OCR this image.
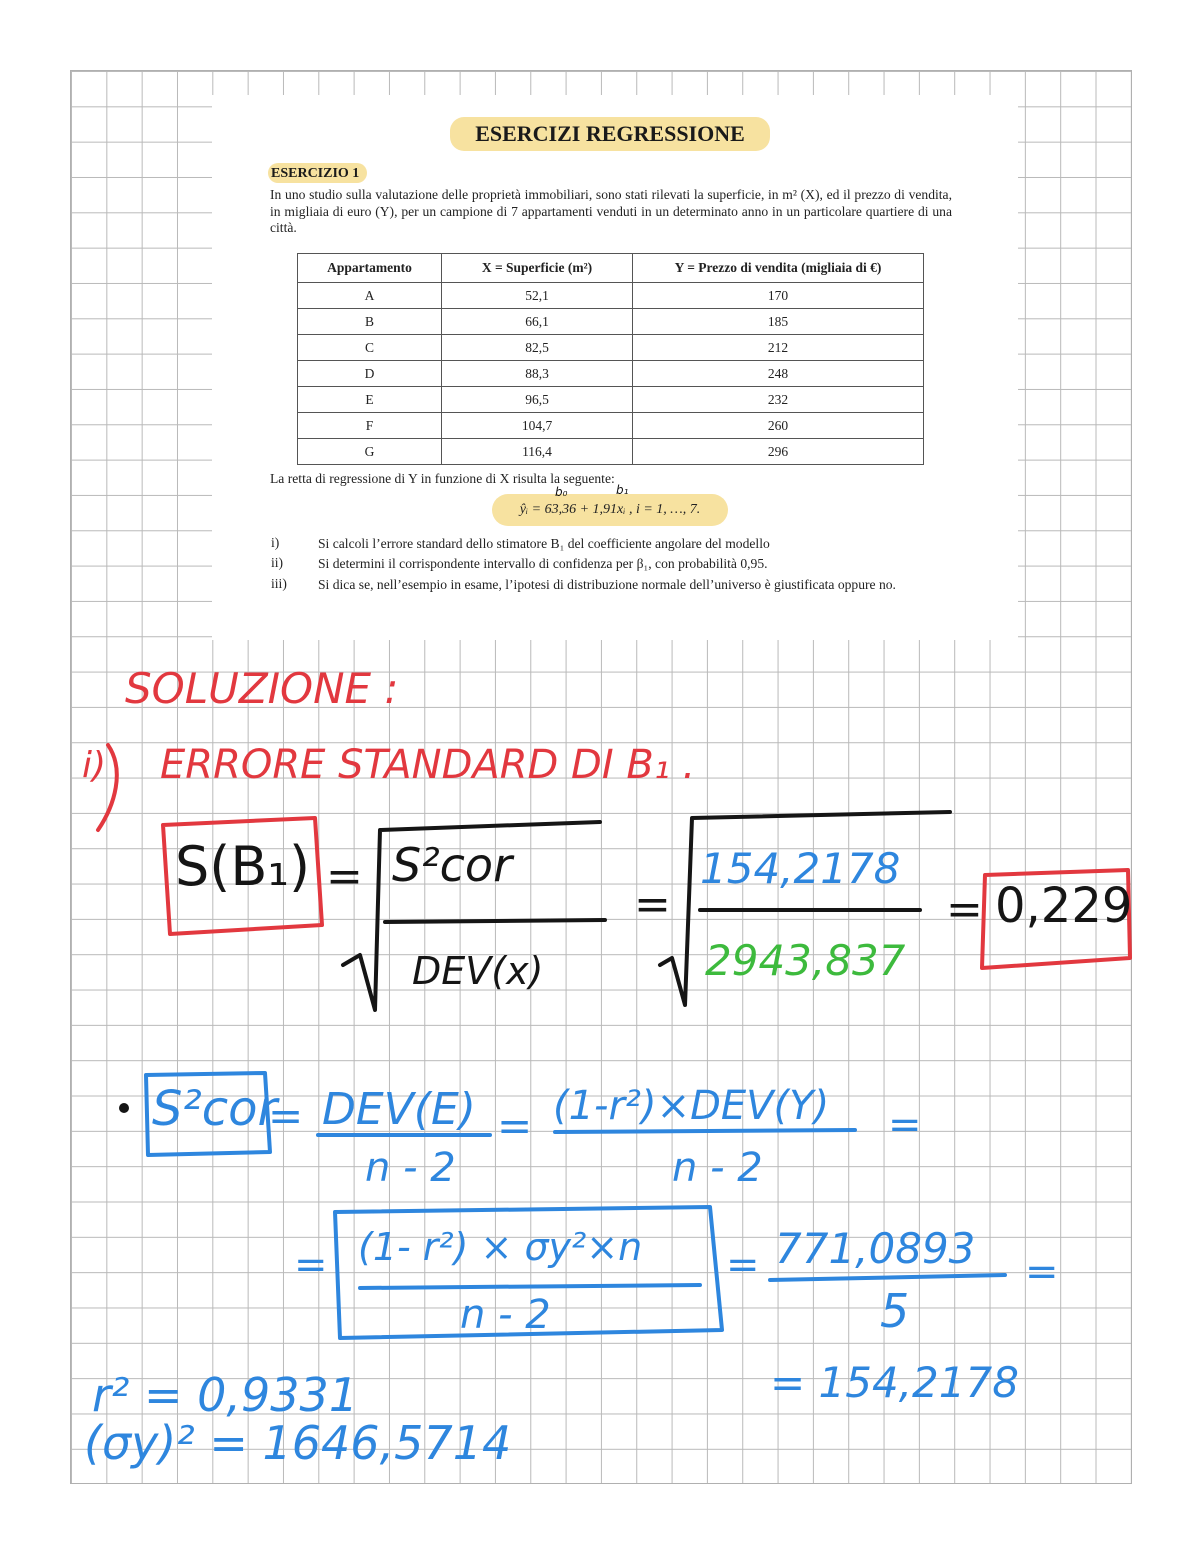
ESERCIZI REGRESSIONE
ESERCIZIO 1
In uno studio sulla valutazione delle proprietà immobiliari, sono stati rilevati la superficie, in m² (X), ed il prezzo di vendita, in migliaia di euro (Y), per un campione di 7 appartamenti venduti in un determinato anno in un particolare quartiere di una città.
Appartamento	X = Superficie (m²)	Y = Prezzo di vendita (migliaia di €)
A	52,1	170
B	66,1	185
C	82,5	212
D	88,3	248
E	96,5	232
F	104,7	260
G	116,4	296
La retta di regressione di Y in funzione di X risulta la seguente:
ŷᵢ = 63,36 + 1,91xᵢ , i = 1, …, 7.
i)	Si calcoli l’errore standard dello stimatore B₁ del coefficiente angolare del modello
ii)	Si determini il corrispondente intervallo di confidenza per β₁, con probabilità 0,95.
iii) Si dica se, nell’esempio in esame, l’ipotesi di distribuzione normale dell’universo è giustificata oppure no.
b₀	b₁
SOLUZIONE :
i) ERRORE STANDARD DI B₁ .
S(B₁) = S²cor
DEV(x)
=
154,2178
2943,837
= 0,229
S²cor
= DEV(E)
n - 2
= (1-r²)×DEV(Y)
n - 2
=
= (1- r²) × σy²×n
n - 2
= 771,0893
5
=
= 154,2178
r² = 0,9331
(σy)² = 1646,5714
